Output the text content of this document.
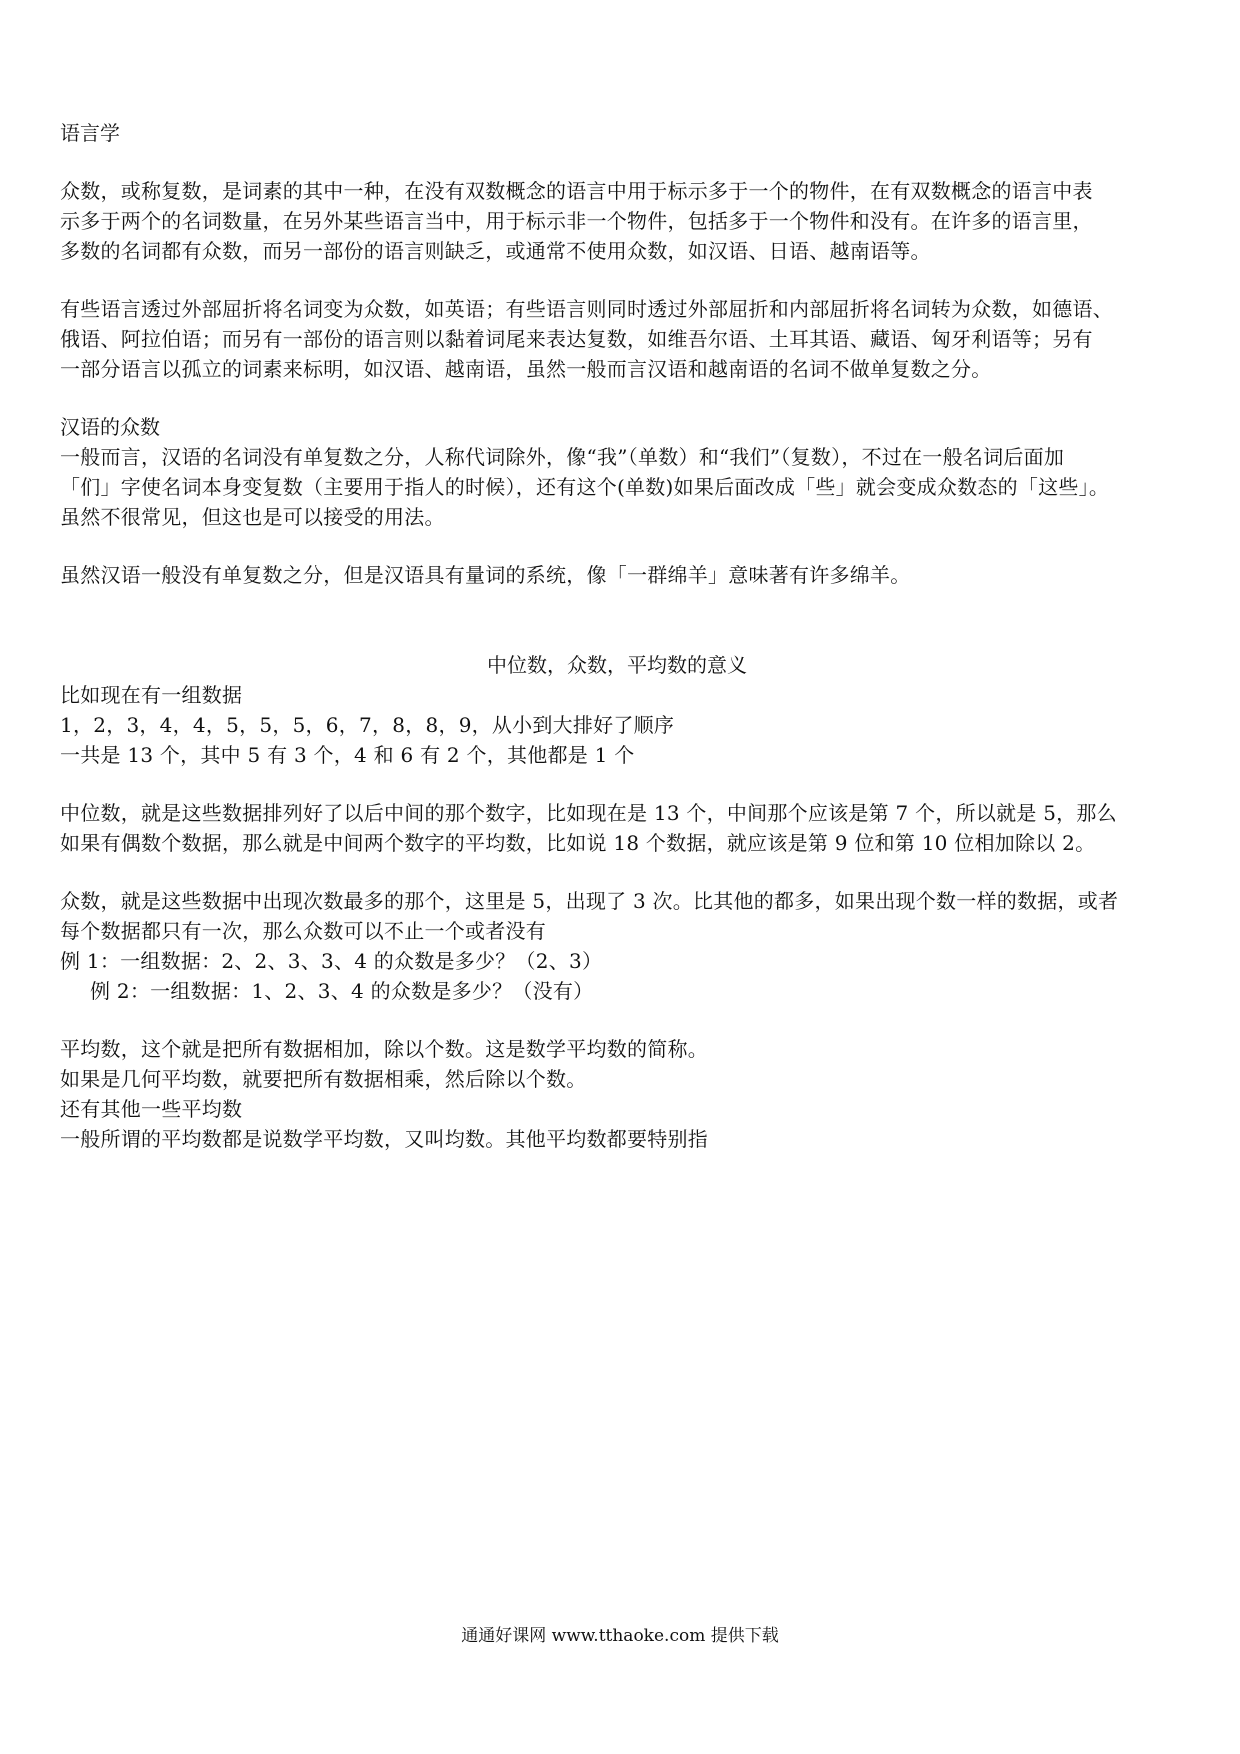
语言学

众数，或称复数，是词素的其中一种，在没有双数概念的语言中用于标示多于一个的物件，在有双数概念的语言中表

示多于两个的名词数量，在另外某些语言当中，用于标示非一个物件，包括多于一个物件和没有。在许多的语言里，

多数的名词都有众数，而另一部份的语言则缺乏，或通常不使用众数，如汉语、日语、越南语等。

有些语言透过外部屈折将名词变为众数，如英语；有些语言则同时透过外部屈折和内部屈折将名词转为众数，如德语、

俄语、阿拉伯语；而另有一部份的语言则以黏着词尾来表达复数，如维吾尔语、土耳其语、藏语、匈牙利语等；另有

一部分语言以孤立的词素来标明，如汉语、越南语，虽然一般而言汉语和越南语的名词不做单复数之分。

汉语的众数

一般而言，汉语的名词没有单复数之分，人称代词除外，像“我”（单数）和“我们”（复数），不过在一般名词后面加

「们」字使名词本身变复数（主要用于指人的时候），还有这个(单数)如果后面改成「些」就会变成众数态的「这些」。

虽然不很常见，但这也是可以接受的用法。

虽然汉语一般没有单复数之分，但是汉语具有量词的系统，像「一群绵羊」意味著有许多绵羊。

中位数，众数，平均数的意义

比如现在有一组数据

1，2，3，4，4，5，5，5，6，7，8，8，9，从小到大排好了顺序

一共是 13 个，其中 5 有 3 个，4 和 6 有 2 个，其他都是 1 个

中位数，就是这些数据排列好了以后中间的那个数字，比如现在是 13 个，中间那个应该是第 7 个，所以就是 5，那么

如果有偶数个数据，那么就是中间两个数字的平均数，比如说 18 个数据，就应该是第 9 位和第 10 位相加除以 2。

众数，就是这些数据中出现次数最多的那个，这里是 5，出现了 3 次。比其他的都多，如果出现个数一样的数据，或者

每个数据都只有一次，那么众数可以不止一个或者没有

例 1：一组数据：2、2、3、3、4 的众数是多少？（2、3）

例 2：一组数据：1、2、3、4 的众数是多少？（没有）

平均数，这个就是把所有数据相加，除以个数。这是数学平均数的简称。

如果是几何平均数，就要把所有数据相乘，然后除以个数。

还有其他一些平均数

一般所谓的平均数都是说数学平均数，又叫均数。其他平均数都要特别指

通通好课网 www.tthaoke.com 提供下载
